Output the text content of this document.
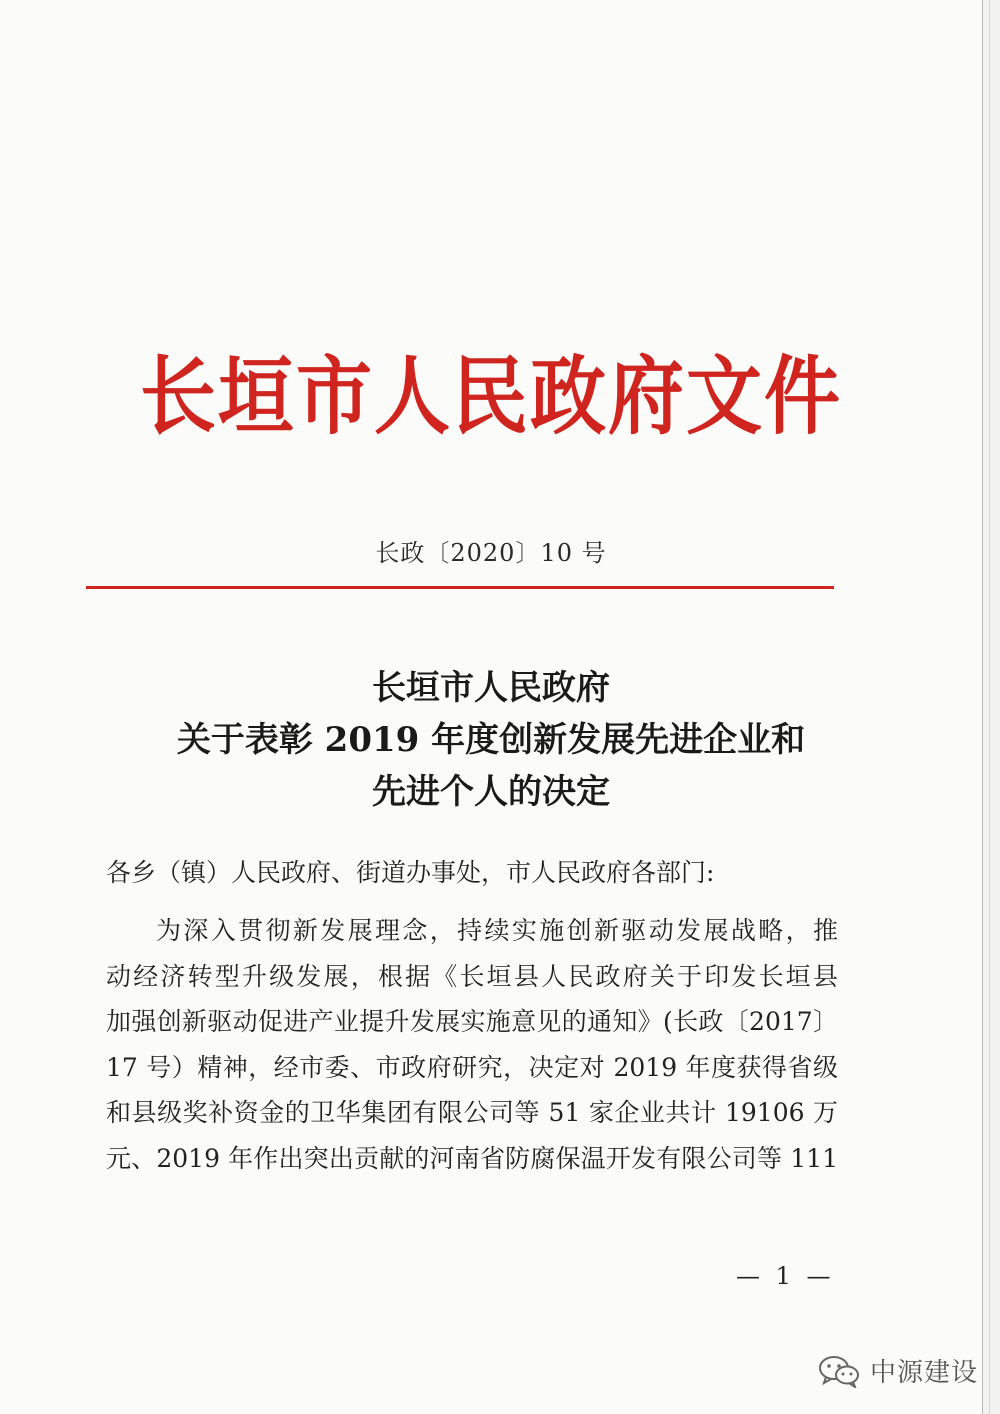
长垣市人民政府文件
长政〔2020〕10 号
长垣市人民政府
关于表彰 2019 年度创新发展先进企业和
先进个人的决定
各乡（镇）人民政府、街道办事处，市人民政府各部门:
为深入贯彻新发展理念，持续实施创新驱动发展战略，推
动经济转型升级发展，根据《长垣县人民政府关于印发长垣县
加强创新驱动促进产业提升发展实施意见的通知》(长政〔2017〕
17 号）精神，经市委、市政府研究，决定对 2019 年度获得省级
和县级奖补资金的卫华集团有限公司等 51 家企业共计 19106 万
元、2019 年作出突出贡献的河南省防腐保温开发有限公司等 111
— 1 —
中源建设
